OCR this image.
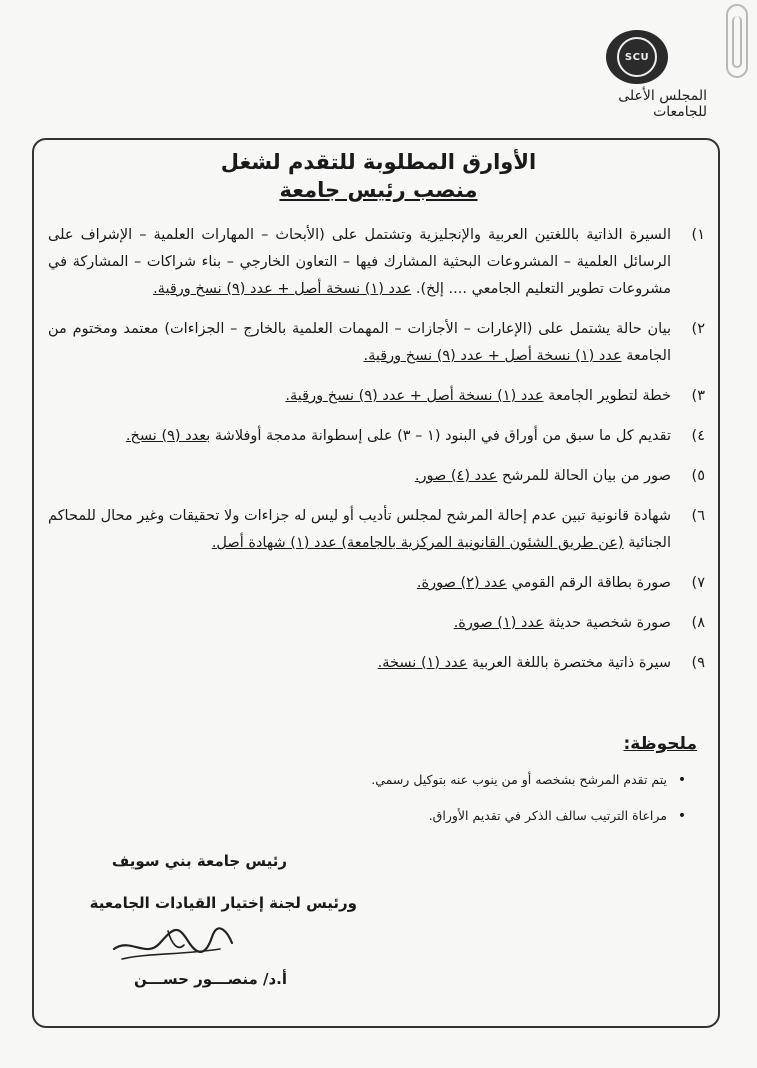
SCU
المجلس الأعلى للجامعات
الأوارق المطلوبة للتقدم لشغل
منصب رئيس جامعة
١)
السيرة الذاتية باللغتين العربية والإنجليزية وتشتمل على (الأبحاث – المهارات العلمية – الإشراف على الرسائل العلمية – المشروعات البحثية المشارك فيها – التعاون الخارجي – بناء شراكات – المشاركة في مشروعات تطوير التعليم الجامعي .... إلخ). عدد (١) نسخة أصل + عدد (٩) نسخ ورقية.
٢)
بيان حالة يشتمل على (الإعارات – الأجازات – المهمات العلمية بالخارج – الجزاءات) معتمد ومختوم من الجامعة عدد (١) نسخة أصل + عدد (٩) نسخ ورقية.
٣)
خطة لتطوير الجامعة عدد (١) نسخة أصل + عدد (٩) نسخ ورقية.
٤)
تقديم كل ما سبق من أوراق في البنود (١ – ٣) على إسطوانة مدمجة أوفلاشة بعدد (٩) نسخ.
٥)
صور من بيان الحالة للمرشح عدد (٤) صور.
٦)
شهادة قانونية تبين عدم إحالة المرشح لمجلس تأديب أو ليس له جزاءات ولا تحقيقات وغير محال للمحاكم الجنائية (عن طريق الشئون القانونية المركزية بالجامعة) عدد (١) شهادة أصل.
٧)
صورة بطاقة الرقم القومي عدد (٢) صورة.
٨)
صورة شخصية حديثة عدد (١) صورة.
٩)
سيرة ذاتية مختصرة باللغة العربية عدد (١) نسخة.

ملحوظة:

•
يتم تقدم المرشح بشخصه أو من ينوب عنه بتوكيل رسمي.
•
مراعاة الترتيب سالف الذكر في تقديم الأوراق.

رئيس جامعة بني سويف

ورئيس لجنة إختيار القيادات الجامعية

أ.د/ منصـــور حســـن
